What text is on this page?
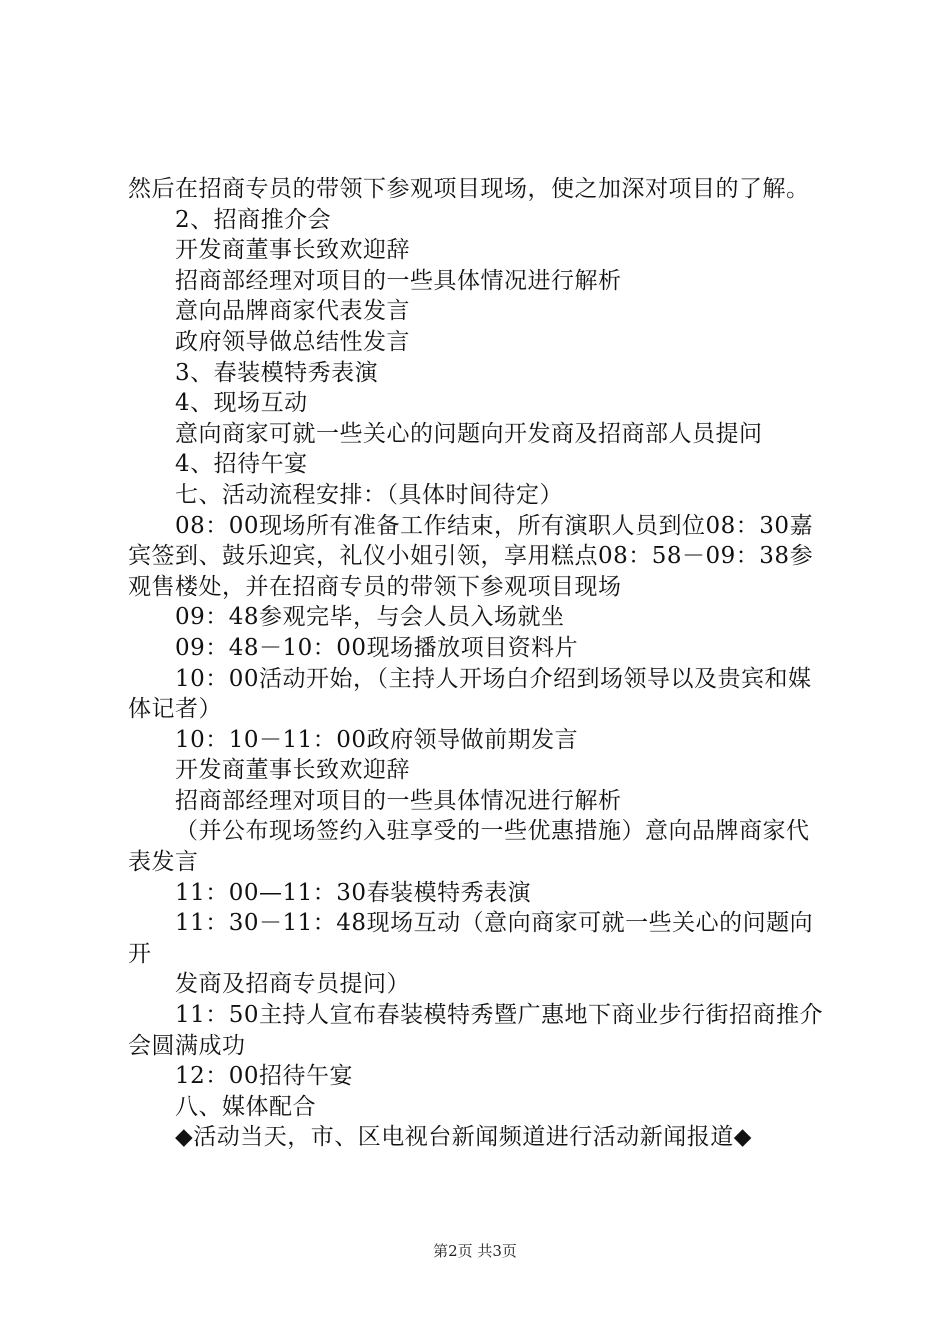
然后在招商专员的带领下参观项目现场，使之加深对项目的了解。

2、招商推介会

开发商董事长致欢迎辞

招商部经理对项目的一些具体情况进行解析

意向品牌商家代表发言

政府领导做总结性发言

3、春装模特秀表演

4、现场互动

意向商家可就一些关心的问题向开发商及招商部人员提问

4、招待午宴

七、活动流程安排：（具体时间待定）

08：00现场所有准备工作结束，所有演职人员到位08：30嘉宾签到、鼓乐迎宾，礼仪小姐引领，享用糕点08：58－09：38参观售楼处，并在招商专员的带领下参观项目现场

09：48参观完毕，与会人员入场就坐

09：48－10：00现场播放项目资料片

10：00活动开始，（主持人开场白介绍到场领导以及贵宾和媒体记者）

10：10－11：00政府领导做前期发言

开发商董事长致欢迎辞

招商部经理对项目的一些具体情况进行解析

（并公布现场签约入驻享受的一些优惠措施）意向品牌商家代表发言

11：00—11：30春装模特秀表演

11：30－11：48现场互动（意向商家可就一些关心的问题向开

发商及招商专员提问）

11：50主持人宣布春装模特秀暨广惠地下商业步行街招商推介会圆满成功

12：00招待午宴

八、媒体配合

◆活动当天，市、区电视台新闻频道进行活动新闻报道◆

第2页 共3页
